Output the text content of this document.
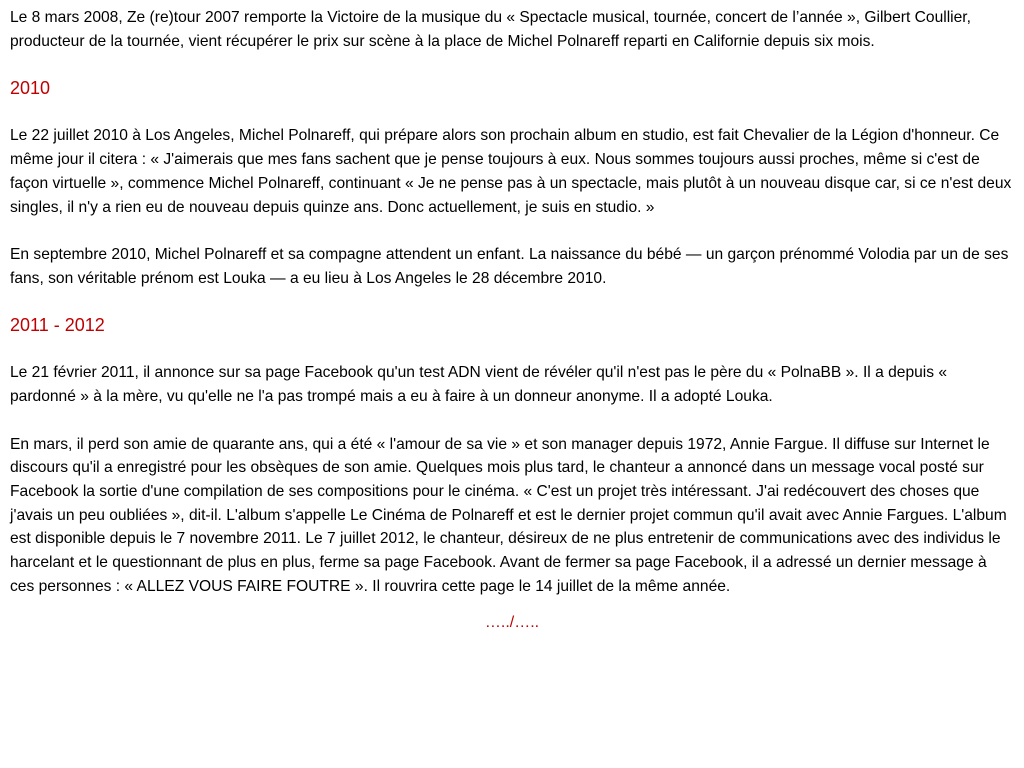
Le 8 mars 2008, Ze (re)tour 2007 remporte la Victoire de la musique du « Spectacle musical, tournée, concert de l’année », Gilbert Coullier, producteur de la tournée, vient récupérer le prix sur scène à la place de Michel Polnareff reparti en Californie depuis six mois.

2010

Le 22 juillet 2010 à Los Angeles, Michel Polnareff, qui prépare alors son prochain album en studio, est fait Chevalier de la Légion d'honneur. Ce même jour il citera : « J'aimerais que mes fans sachent que je pense toujours à eux. Nous sommes toujours aussi proches, même si c'est de façon virtuelle », commence Michel Polnareff, continuant « Je ne pense pas à un spectacle, mais plutôt à un nouveau disque car, si ce n'est deux singles, il n'y a rien eu de nouveau depuis quinze ans. Donc actuellement, je suis en studio. »

En septembre 2010, Michel Polnareff et sa compagne attendent un enfant. La naissance du bébé — un garçon prénommé Volodia par un de ses fans, son véritable prénom est Louka — a eu lieu à Los Angeles le 28 décembre 2010.

2011 - 2012

Le 21 février 2011, il annonce sur sa page Facebook qu'un test ADN vient de révéler qu'il n'est pas le père du « PolnaBB ». Il a depuis « pardonné » à la mère, vu qu'elle ne l'a pas trompé mais a eu à faire à un donneur anonyme. Il a adopté Louka.

En mars, il perd son amie de quarante ans, qui a été « l'amour de sa vie » et son manager depuis 1972, Annie Fargue. Il diffuse sur Internet le discours qu'il a enregistré pour les obsèques de son amie. Quelques mois plus tard, le chanteur a annoncé dans un message vocal posté sur Facebook la sortie d'une compilation de ses compositions pour le cinéma. « C'est un projet très intéressant. J'ai redécouvert des choses que j'avais un peu oubliées », dit-il. L'album s'appelle Le Cinéma de Polnareff et est le dernier projet commun qu'il avait avec Annie Fargues. L'album est disponible depuis le 7 novembre 2011. Le 7 juillet 2012, le chanteur, désireux de ne plus entretenir de communications avec des individus le harcelant et le questionnant de plus en plus, ferme sa page Facebook. Avant de fermer sa page Facebook, il a adressé un dernier message à ces personnes : « ALLEZ VOUS FAIRE FOUTRE ». Il rouvrira cette page le 14 juillet de la même année.

…../…..
